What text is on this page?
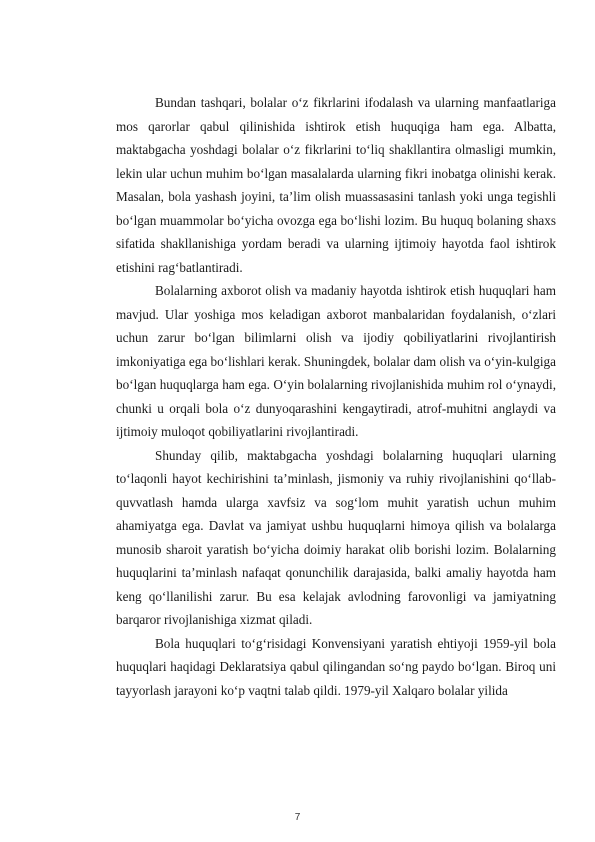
Bundan tashqari, bolalar o‘z fikrlarini ifodalash va ularning manfaatlariga mos qarorlar qabul qilinishida ishtirok etish huquqiga ham ega. Albatta, maktabgacha yoshdagi bolalar o‘z fikrlarini to‘liq shakllantira olmasligi mumkin, lekin ular uchun muhim bo‘lgan masalalarda ularning fikri inobatga olinishi kerak. Masalan, bola yashash joyini, ta’lim olish muassasasini tanlash yoki unga tegishli bo‘lgan muammolar bo‘yicha ovozga ega bo‘lishi lozim. Bu huquq bolaning shaxs sifatida shakllanishiga yordam beradi va ularning ijtimoiy hayotda faol ishtirok etishini rag‘batlantiradi.

Bolalarning axborot olish va madaniy hayotda ishtirok etish huquqlari ham mavjud. Ular yoshiga mos keladigan axborot manbalaridan foydalanish, o‘zlari uchun zarur bo‘lgan bilimlarni olish va ijodiy qobiliyatlarini rivojlantirish imkoniyatiga ega bo‘lishlari kerak. Shuningdek, bolalar dam olish va o‘yin-kulgiga bo‘lgan huquqlarga ham ega. O‘yin bolalarning rivojlanishida muhim rol o‘ynaydi, chunki u orqali bola o‘z dunyoqarashini kengaytiradi, atrof-muhitni anglaydi va ijtimoiy muloqot qobiliyatlarini rivojlantiradi.

Shunday qilib, maktabgacha yoshdagi bolalarning huquqlari ularning to‘laqonli hayot kechirishini ta’minlash, jismoniy va ruhiy rivojlanishini qo‘llab-quvvatlash hamda ularga xavfsiz va sog‘lom muhit yaratish uchun muhim ahamiyatga ega. Davlat va jamiyat ushbu huquqlarni himoya qilish va bolalarga munosib sharoit yaratish bo‘yicha doimiy harakat olib borishi lozim. Bolalarning huquqlarini ta’minlash nafaqat qonunchilik darajasida, balki amaliy hayotda ham keng qo‘llanilishi zarur. Bu esa kelajak avlodning farovonligi va jamiyatning barqaror rivojlanishiga xizmat qiladi.

Bola huquqlari to‘g‘risidagi Konvensiyani yaratish ehtiyoji 1959-yil bola huquqlari haqidagi Deklaratsiya qabul qilingandan so‘ng paydo bo‘lgan. Biroq uni tayyorlash jarayoni ko‘p vaqtni talab qildi. 1979-yil Xalqaro bolalar yilida

7
